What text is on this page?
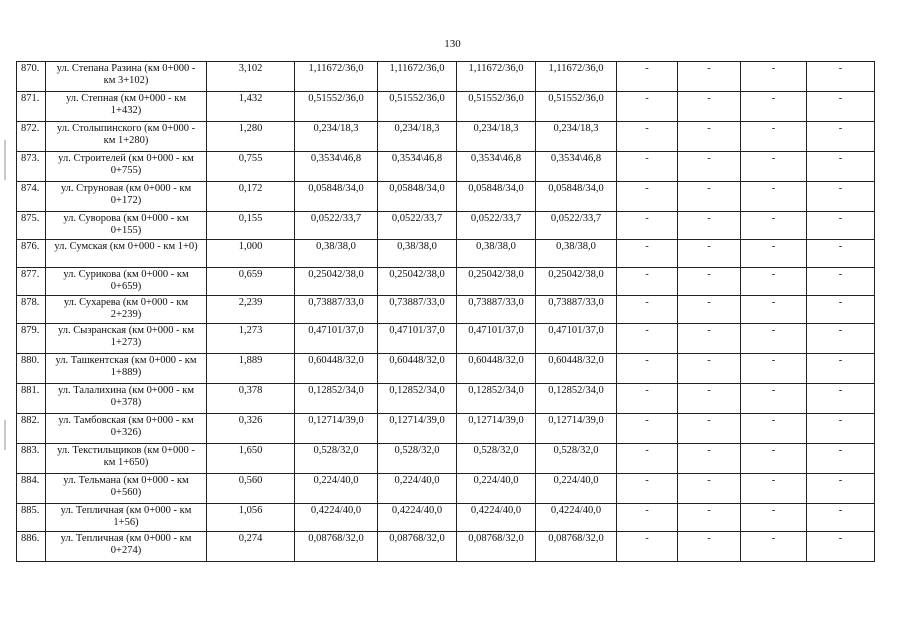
130
870.	ул. Степана Разина (км 0+000 - км 3+102)	3,102	1,11672/36,0	1,11672/36,0	1,11672/36,0	1,11672/36,0	-	-	-	-
871.	ул. Степная (км 0+000 - км 1+432)	1,432	0,51552/36,0	0,51552/36,0	0,51552/36,0	0,51552/36,0	-	-	-	-
872.	ул. Столыпинского (км 0+000 - км 1+280)	1,280	0,234/18,3	0,234/18,3	0,234/18,3	0,234/18,3	-	-	-	-
873.	ул. Строителей (км 0+000 - км 0+755)	0,755	0,3534\46,8	0,3534\46,8	0,3534\46,8	0,3534\46,8	-	-	-	-
874.	ул. Струновая (км 0+000 - км 0+172)	0,172	0,05848/34,0	0,05848/34,0	0,05848/34,0	0,05848/34,0	-	-	-	-
875.	ул. Суворова (км 0+000 - км 0+155)	0,155	0,0522/33,7	0,0522/33,7	0,0522/33,7	0,0522/33,7	-	-	-	-
876.	ул. Сумская (км 0+000 - км 1+0)	1,000	0,38/38,0	0,38/38,0	0,38/38,0	0,38/38,0	-	-	-	-
877.	ул. Сурикова (км 0+000 - км 0+659)	0,659	0,25042/38,0	0,25042/38,0	0,25042/38,0	0,25042/38,0	-	-	-	-
878.	ул. Сухарева (км 0+000 - км 2+239)	2,239	0,73887/33,0	0,73887/33,0	0,73887/33,0	0,73887/33,0	-	-	-	-
879.	ул. Сызранская (км 0+000 - км 1+273)	1,273	0,47101/37,0	0,47101/37,0	0,47101/37,0	0,47101/37,0	-	-	-	-
880.	ул. Ташкентская (км 0+000 - км 1+889)	1,889	0,60448/32,0	0,60448/32,0	0,60448/32,0	0,60448/32,0	-	-	-	-
881.	ул. Талалихина (км 0+000 - км 0+378)	0,378	0,12852/34,0	0,12852/34,0	0,12852/34,0	0,12852/34,0	-	-	-	-
882.	ул. Тамбовская (км 0+000 - км 0+326)	0,326	0,12714/39,0	0,12714/39,0	0,12714/39,0	0,12714/39,0	-	-	-	-
883.	ул. Текстильщиков (км 0+000 - км 1+650)	1,650	0,528/32,0	0,528/32,0	0,528/32,0	0,528/32,0	-	-	-	-
884.	ул. Тельмана (км 0+000 - км 0+560)	0,560	0,224/40,0	0,224/40,0	0,224/40,0	0,224/40,0	-	-	-	-
885.	ул. Тепличная (км 0+000 - км 1+56)	1,056	0,4224/40,0	0,4224/40,0	0,4224/40,0	0,4224/40,0	-	-	-	-
886.	ул. Тепличная (км 0+000 - км 0+274)	0,274	0,08768/32,0	0,08768/32,0	0,08768/32,0	0,08768/32,0	-	-	-	-
